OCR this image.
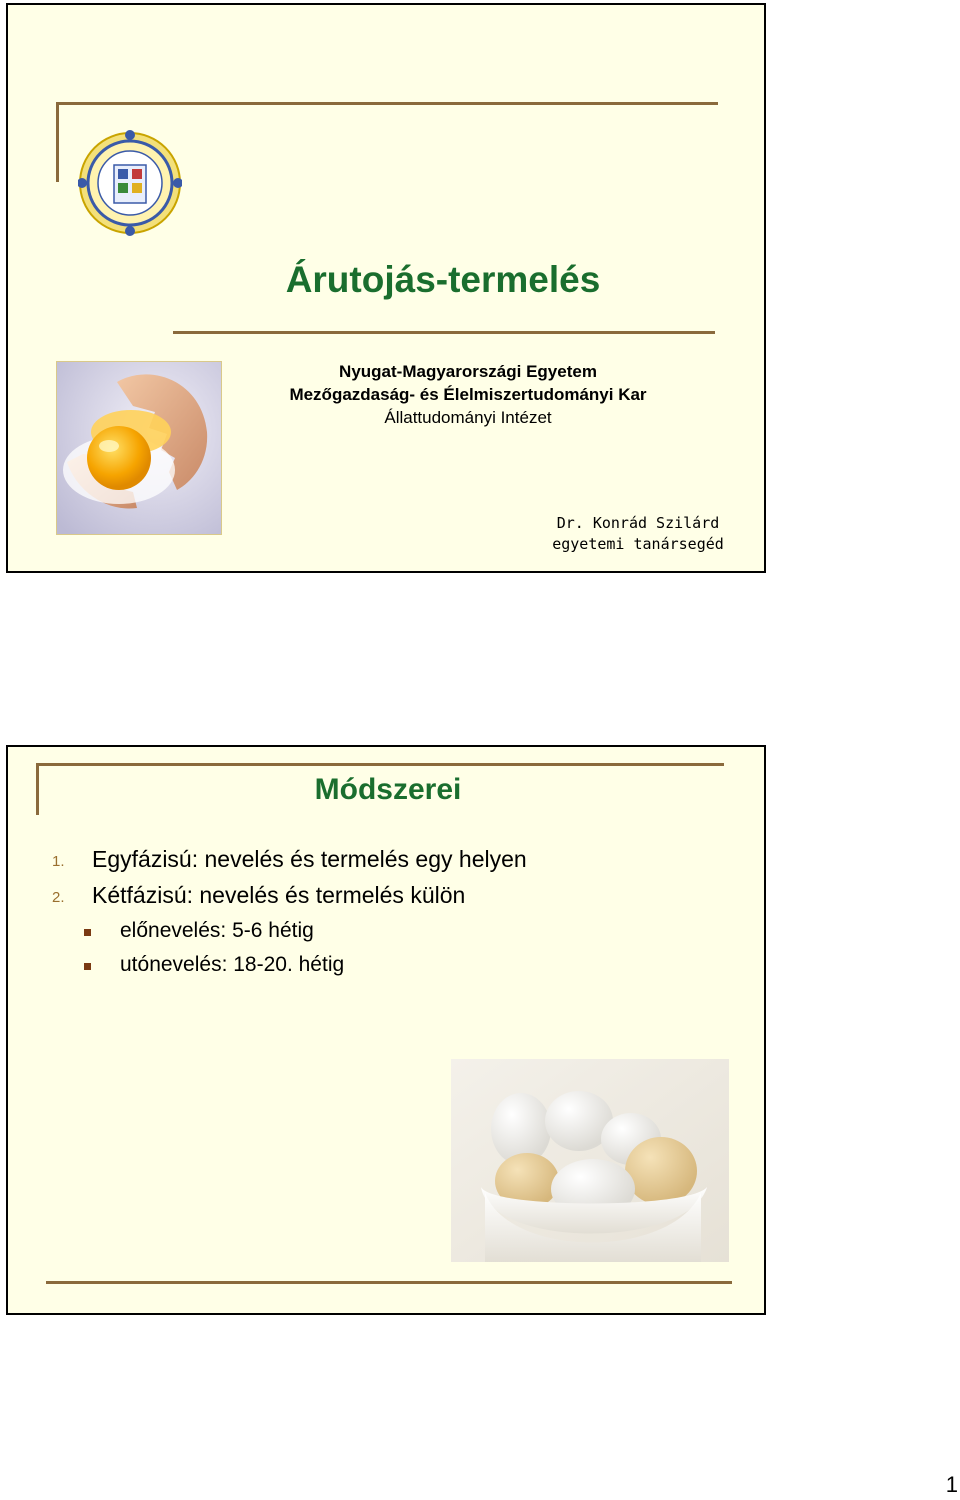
Árutojás-termelés
Nyugat-Magyarországi Egyetem
Mezőgazdaság- és Élelmiszertudományi Kar
Állattudományi Intézet
Dr. Konrád Szilárd
egyetemi tanársegéd
Módszerei
1. Egyfázisú: nevelés és termelés egy helyen
2. Kétfázisú: nevelés és termelés külön
előnevelés: 5-6 hétig
utónevelés: 18-20. hétig
1
